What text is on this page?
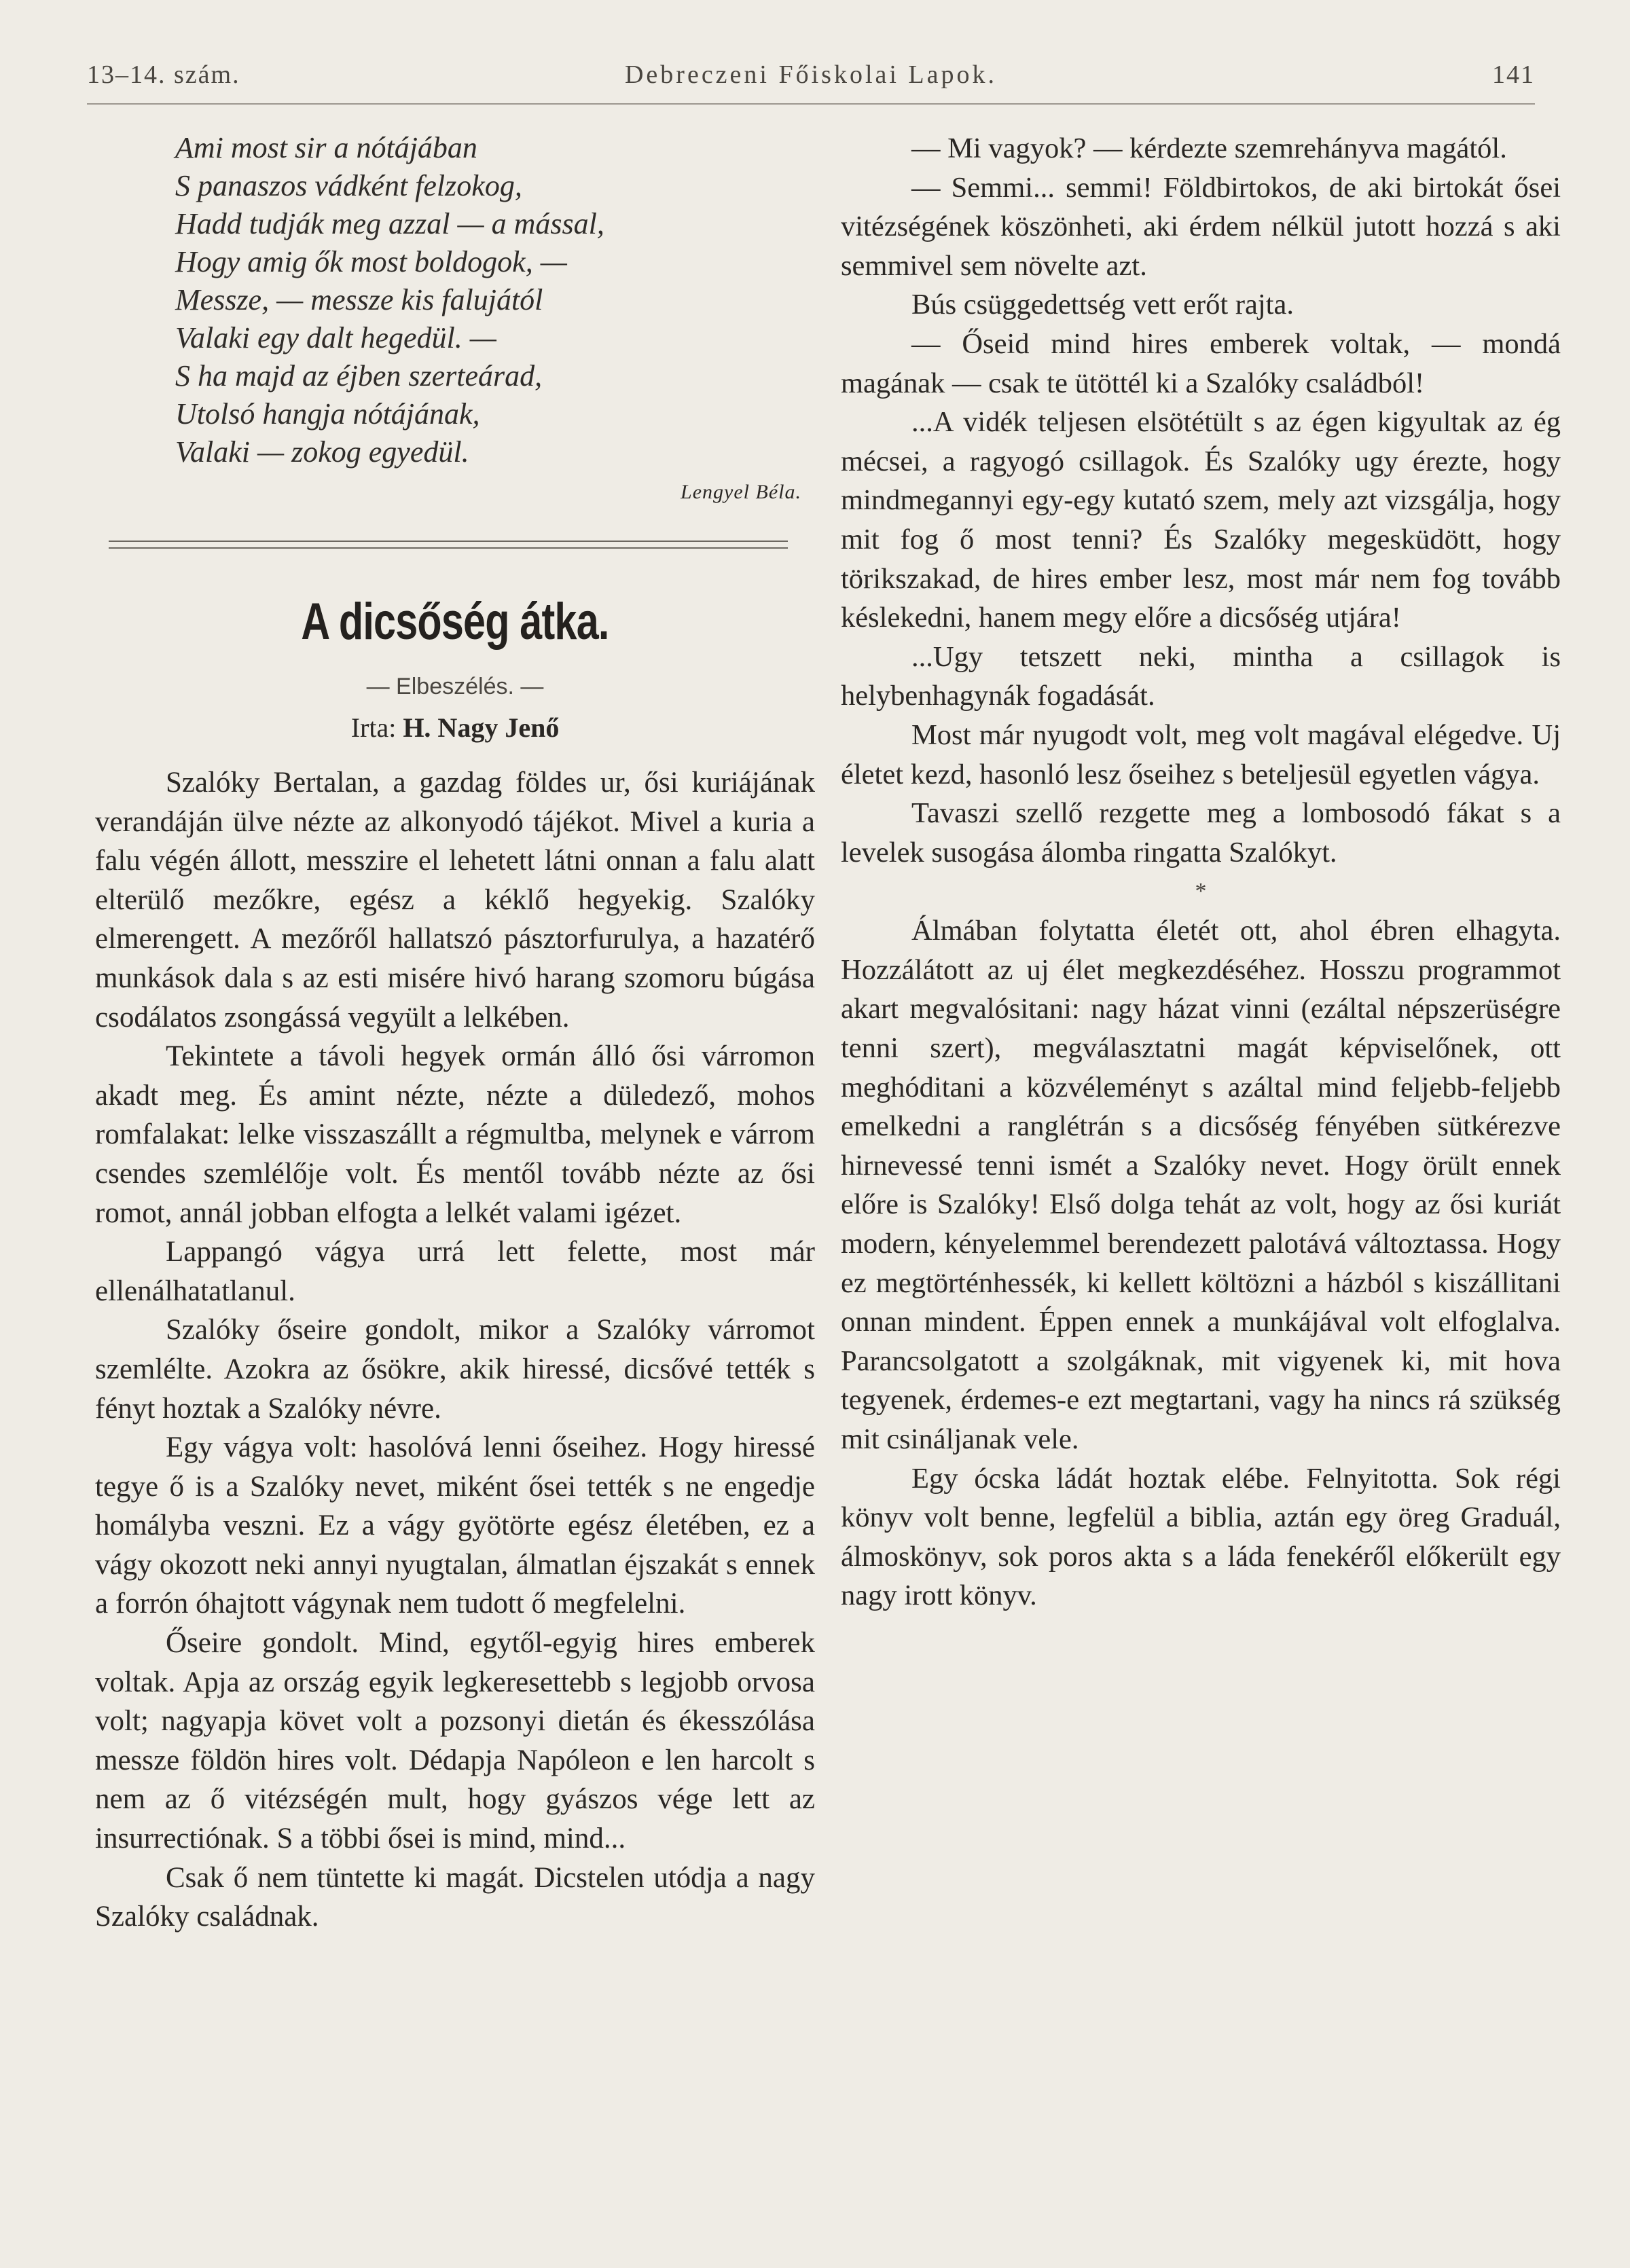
13–14. szám.	Debreczeni Főiskolai Lapok.	141
Ami most sir a nótájában
S panaszos vádként felzokog,
Hadd tudják meg azzal — a mással,
Hogy amig ők most boldogok, —
Messze, — messze kis falujától
Valaki egy dalt hegedül. —
S ha majd az éjben szerteárad,
Utolsó hangja nótájának,
Valaki — zokog egyedül.
Lengyel Béla.
A dicsőség átka.
— Elbeszélés. —
Irta: H. Nagy Jenő

Szalóky Bertalan, a gazdag földes ur, ősi kuriájának verandáján ülve nézte az alkonyodó tájékot. Mivel a kuria a falu végén állott, messzire el lehetett látni onnan a falu alatt elterülő mezőkre, egész a kéklő hegyekig. Szalóky elmerengett. A mezőről hallatszó pásztorfurulya, a hazatérő munkások dala s az esti misére hivó harang szomoru búgása csodálatos zsongássá vegyült a lelkében.

Tekintete a távoli hegyek ormán álló ősi várromon akadt meg. És amint nézte, nézte a düledező, mohos romfalakat: lelke visszaszállt a régmultba, melynek e várrom csendes szemlélője volt. És mentől tovább nézte az ősi romot, annál jobban elfogta a lelkét valami igézet.

Lappangó vágya urrá lett felette, most már ellenálhatatlanul.

Szalóky őseire gondolt, mikor a Szalóky várromot szemlélte. Azokra az ősökre, akik hiressé, dicsővé tették s fényt hoztak a Szalóky névre.

Egy vágya volt: hasolóvá lenni őseihez. Hogy hiressé tegye ő is a Szalóky nevet, miként ősei tették s ne engedje homályba veszni. Ez a vágy gyötörte egész életében, ez a vágy okozott neki annyi nyugtalan, álmatlan éjszakát s ennek a forrón óhajtott vágynak nem tudott ő megfelelni.

Őseire gondolt. Mind, egytől-egyig hires emberek voltak. Apja az ország egyik legkeresettebb s legjobb orvosa volt; nagyapja követ volt a pozsonyi dietán és ékesszólása messze földön hires volt. Dédapja Napóleon e len harcolt s nem az ő vitézségén mult, hogy gyászos vége lett az insurrectiónak. S a többi ősei is mind, mind...

Csak ő nem tüntette ki magát. Dicstelen utódja a nagy Szalóky családnak.

— Mi vagyok? — kérdezte szemrehányva magától.

— Semmi... semmi! Földbirtokos, de aki birtokát ősei vitézségének köszönheti, aki érdem nélkül jutott hozzá s aki semmivel sem növelte azt.

Bús csüggedettség vett erőt rajta.

— Őseid mind hires emberek voltak, — mondá magának — csak te ütöttél ki a Szalóky családból!

...A vidék teljesen elsötétült s az égen kigyultak az ég mécsei, a ragyogó csillagok. És Szalóky ugy érezte, hogy mindmegannyi egy-egy kutató szem, mely azt vizsgálja, hogy mit fog ő most tenni? És Szalóky megesküdött, hogy törikszakad, de hires ember lesz, most már nem fog tovább késlekedni, hanem megy előre a dicsőség utjára!

...Ugy tetszett neki, mintha a csillagok is helybenhagynák fogadását.

Most már nyugodt volt, meg volt magával elégedve. Uj életet kezd, hasonló lesz őseihez s beteljesül egyetlen vágya.

Tavaszi szellő rezgette meg a lombosodó fákat s a levelek susogása álomba ringatta Szalókyt.

*

Álmában folytatta életét ott, ahol ébren elhagyta. Hozzálátott az uj élet megkezdéséhez. Hosszu programmot akart megvalósitani: nagy házat vinni (ezáltal népszerüségre tenni szert), megválasztatni magát képviselőnek, ott meghóditani a közvéleményt s azáltal mind feljebb-feljebb emelkedni a ranglétrán s a dicsőség fényében sütkérezve hirnevessé tenni ismét a Szalóky nevet. Hogy örült ennek előre is Szalóky! Első dolga tehát az volt, hogy az ősi kuriát modern, kényelemmel berendezett palotává változtassa. Hogy ez megtörténhessék, ki kellett költözni a házból s kiszállitani onnan mindent. Éppen ennek a munkájával volt elfoglalva. Parancsolgatott a szolgáknak, mit vigyenek ki, mit hova tegyenek, érdemes-e ezt megtartani, vagy ha nincs rá szükség mit csináljanak vele.

Egy ócska ládát hoztak elébe. Felnyitotta. Sok régi könyv volt benne, legfelül a biblia, aztán egy öreg Graduál, álmoskönyv, sok poros akta s a láda fenekéről előkerült egy nagy irott könyv.
